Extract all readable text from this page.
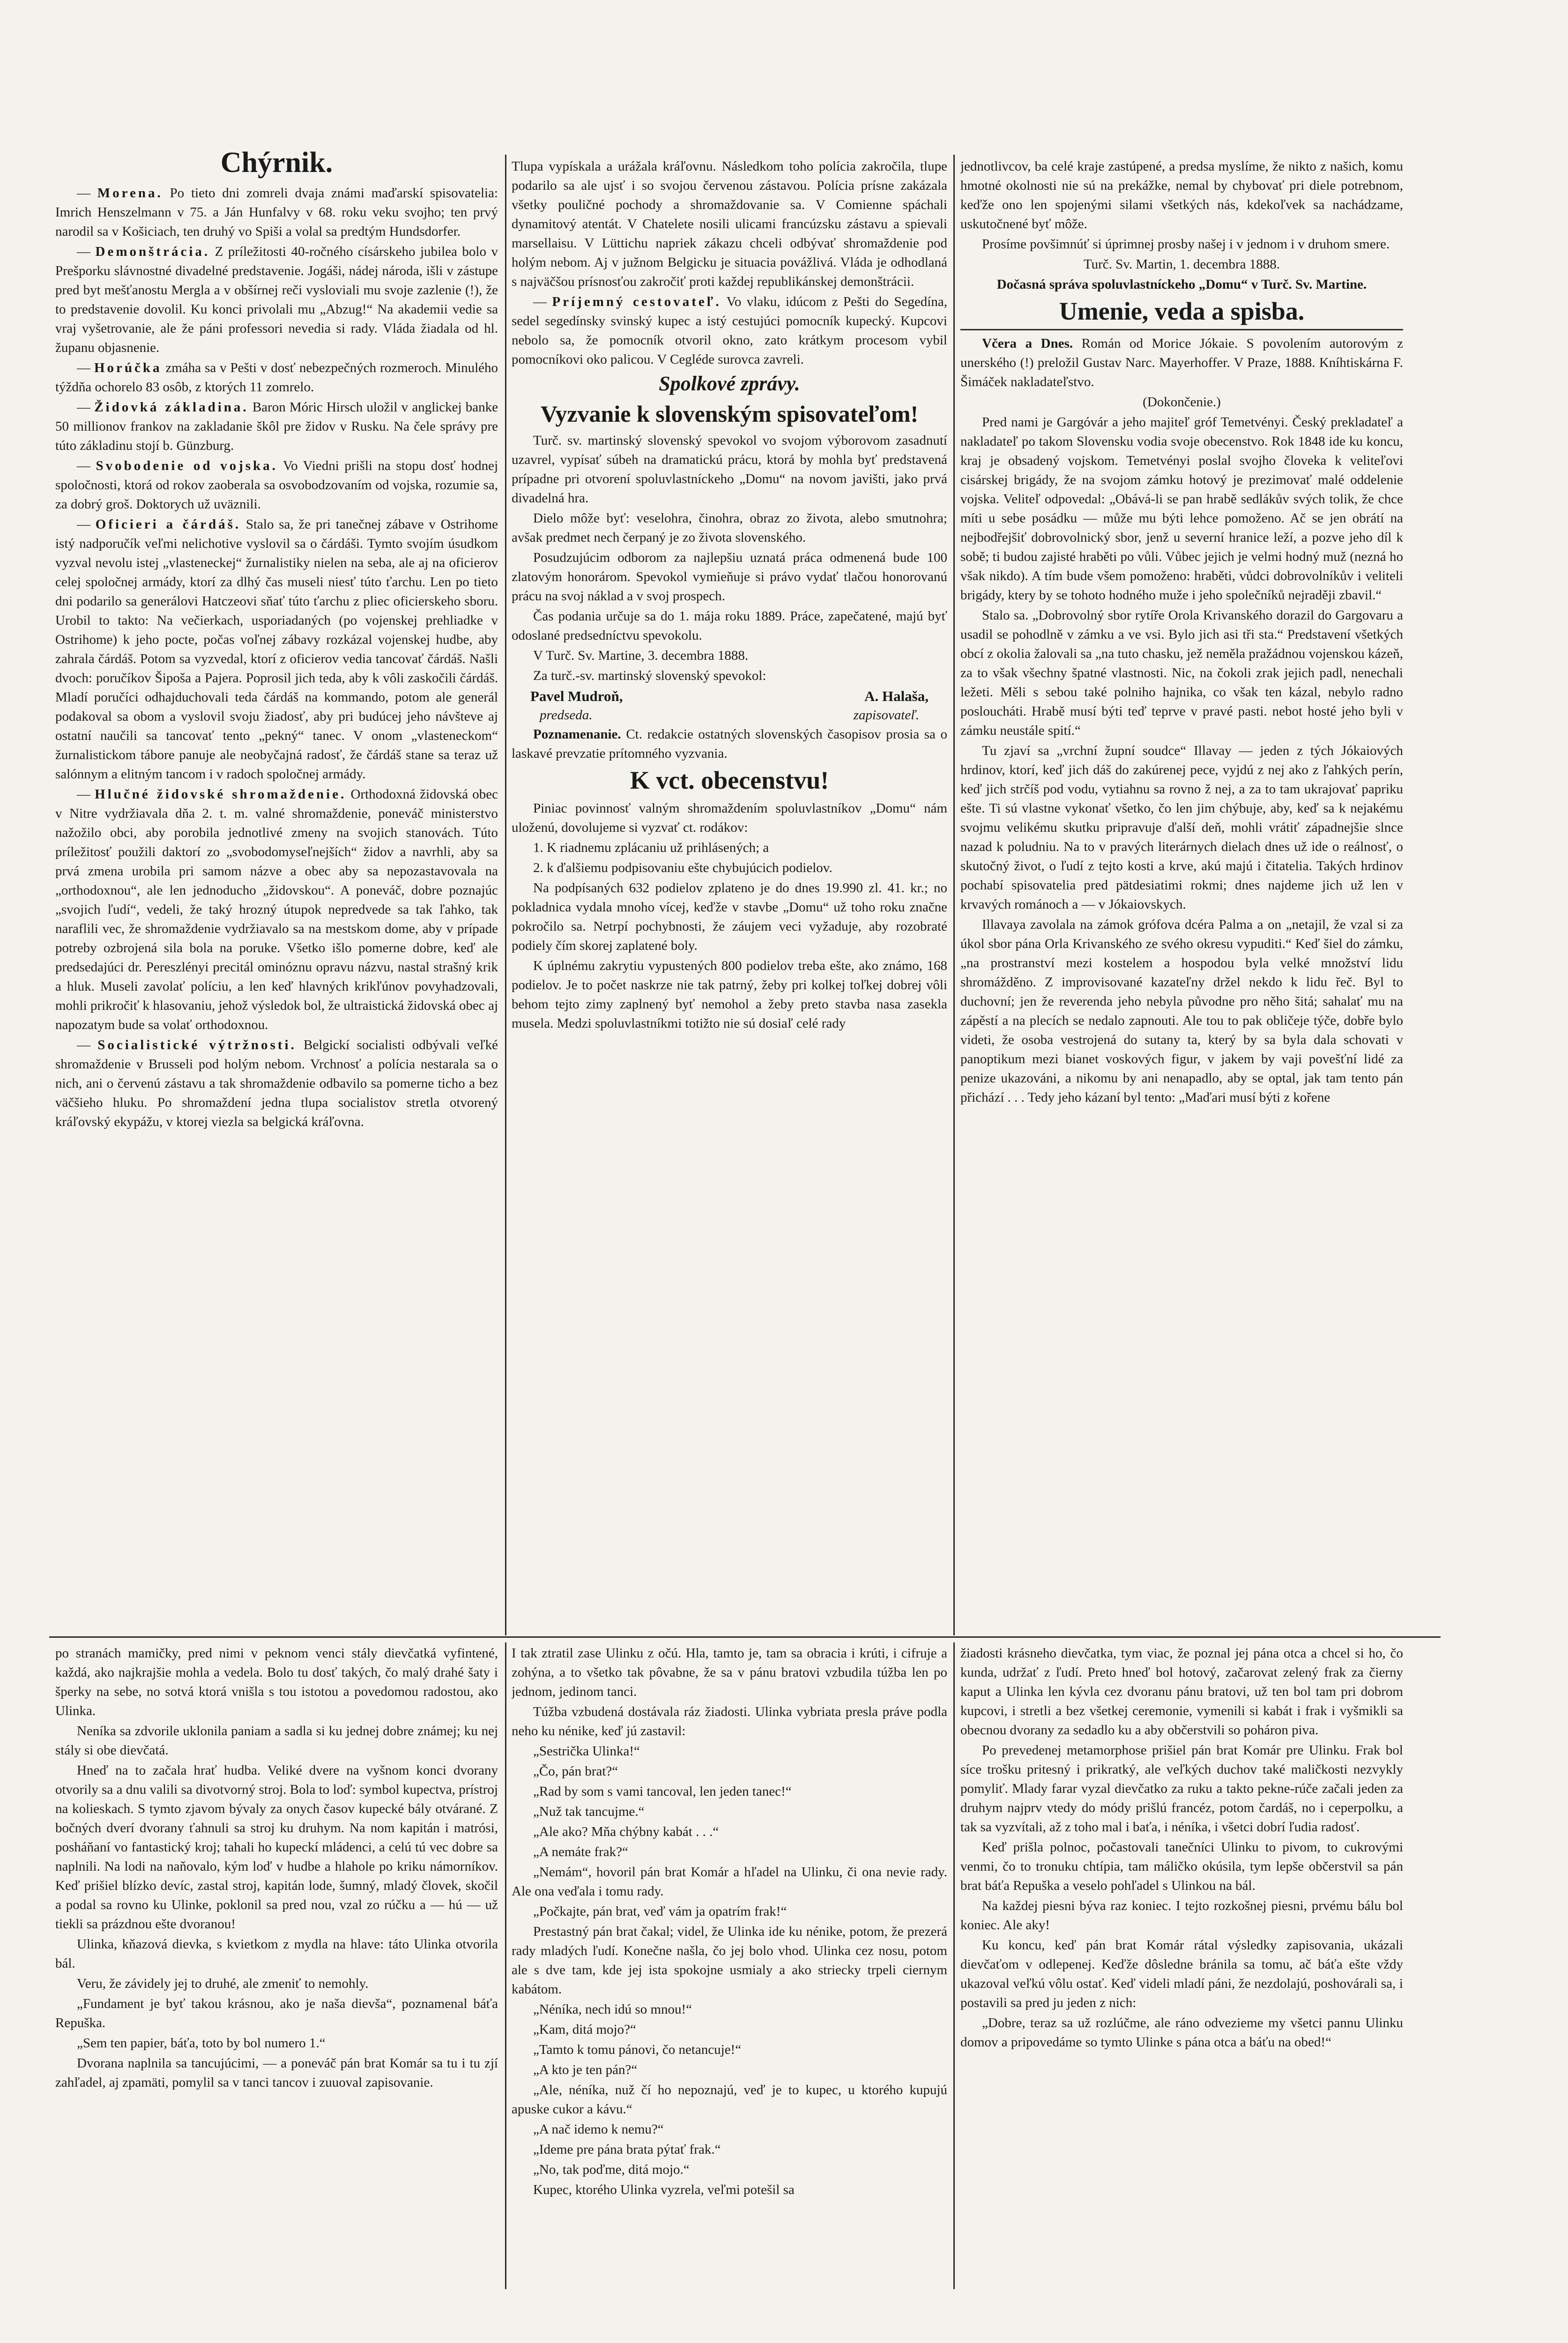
Chýrnik.

— Morena. Po tieto dni zomreli dvaja známi maďarskí spisovatelia: Imrich Henszelmann v 75. a Ján Hunfalvy v 68. roku veku svojho; ten prvý narodil sa v Košiciach, ten druhý vo Spiši a volal sa predtým Hundsdorfer.

— Demonštrácia. Z príležitosti 40-ročného císárskeho jubilea bolo v Prešporku slávnostné divadelné predstavenie. Jogáši, nádej národa, išli v zástupe pred byt mešťanostu Mergla a v obšírnej reči vysloviali mu svoje zazlenie (!), že to predstavenie dovolil. Ku konci privolali mu „Abzug!“ Na akademii vedie sa vraj vyšetrovanie, ale že páni professori nevedia si rady. Vláda žiadala od hl. županu objasnenie.

— Horúčka zmáha sa v Pešti v dosť nebezpečných rozmeroch. Minulého týždňa ochorelo 83 osôb, z ktorých 11 zomrelo.

— Židovká základina. Baron Móric Hirsch uložil v anglickej banke 50 millionov frankov na zakladanie škôl pre židov v Rusku. Na čele správy pre túto základinu stojí b. Günzburg.

— Svobodenie od vojska. Vo Viedni prišli na stopu dosť hodnej spoločnosti, ktorá od rokov zaoberala sa osvobodzovaním od vojska, rozumie sa, za dobrý groš. Doktorych už uväznili.

— Oficieri a čárdáš. Stalo sa, že pri tanečnej zábave v Ostrihome istý nadporučík veľmi nelichotive vyslovil sa o čárdáši. Tymto svojím úsudkom vyzval nevolu istej „vlasteneckej“ žurnalistiky nielen na seba, ale aj na oficierov celej spoločnej armády, ktorí za dlhý čas museli niesť túto ťarchu. Len po tieto dni podarilo sa generálovi Hatczeovi sňať túto ťarchu z pliec oficierskeho sboru. Urobil to takto: Na večierkach, usporiadaných (po vojenskej prehliadke v Ostrihome) k jeho pocte, počas voľnej zábavy rozkázal vojenskej hudbe, aby zahrala čárdáš. Potom sa vyzvedal, ktorí z oficierov vedia tancovať čárdáš. Našli dvoch: poručíkov Šipoša a Pajera. Poprosil jich teda, aby k vôli zaskočili čárdáš. Mladí poručíci odhajduchovali teda čárdáš na kommando, potom ale generál podakoval sa obom a vyslovil svoju žiadosť, aby pri budúcej jeho návšteve aj ostatní naučili sa tancovať tento „pekný“ tanec. V onom „vlasteneckom“ žurnalistickom tábore panuje ale neobyčajná radosť, že čárdáš stane sa teraz už salónnym a elitným tancom i v radoch spoločnej armády.

— Hlučné židovské shromaždenie. Orthodoxná židovská obec v Nitre vydržiavala dňa 2. t. m. valné shromaždenie, poneváč ministerstvo nažožilo obci, aby porobila jednotlivé zmeny na svojich stanovách. Túto príležitosť použili daktorí zo „svobodomyseľnejších“ židov a navrhli, aby sa prvá zmena urobila pri samom názve a obec aby sa nepozastavovala na „orthodoxnou“, ale len jednoducho „židovskou“. A poneváč, dobre poznajúc „svojich ľudí“, vedeli, že taký hrozný útupok nepredvede sa tak ľahko, tak naraflili vec, že shromaždenie vydržiavalo sa na mestskom dome, aby v prípade potreby ozbrojená sila bola na poruke. Všetko išlo pomerne dobre, keď ale predsedajúci dr. Pereszlényi precitál ominóznu opravu názvu, nastal strašný krik a hluk. Museli zavolať políciu, a len keď hlavných krikľúnov povyhadzovali, mohli prikročiť k hlasovaniu, jehož výsledok bol, že ultraistická židovská obec aj napozatym bude sa volať orthodoxnou.

— Socialistické výtržnosti. Belgickí socialisti odbývali veľké shromaždenie v Brusseli pod holým nebom. Vrchnosť a polícia nestarala sa o nich, ani o červenú zástavu a tak shromaždenie odbavilo sa pomerne ticho a bez väčšieho hluku. Po shromaždení jedna tlupa socialistov stretla otvorený kráľovský ekypážu, v ktorej viezla sa belgická kráľovna.

Tlupa vypískala a urážala kráľovnu. Následkom toho polícia zakročila, tlupe podarilo sa ale ujsť i so svojou červenou zástavou. Polícia prísne zakázala všetky pouličné pochody a shromaždovanie sa. V Comienne spáchali dynamitový atentát. V Chatelete nosili ulicami francúzsku zástavu a spievali marsellaisu. V Lüttichu napriek zákazu chceli odbývať shromaždenie pod holým nebom. Aj v južnom Belgicku je situacia povážlivá. Vláda je odhodlaná s najväčšou prísnosťou zakročiť proti každej republikánskej demonštrácii.

— Príjemný cestovateľ. Vo vlaku, idúcom z Pešti do Segedína, sedel segedínsky svinský kupec a istý cestujúci pomocník kupecký. Kupcovi nebolo sa, že pomocník otvoril okno, zato krátkym procesom vybil pomocníkovi oko palicou. V Cegléde surovca zavreli.

Spolkové zprávy.

Vyzvanie k slovenským spisovateľom!

Turč. sv. martinský slovenský spevokol vo svojom výborovom zasadnutí uzavrel, vypísať súbeh na dramatickú prácu, ktorá by mohla byť predstavená prípadne pri otvorení spoluvlastníckeho „Domu“ na novom javišti, jako prvá divadelná hra.

Dielo môže byť: veselohra, činohra, obraz zo života, alebo smutnohra; avšak predmet nech čerpaný je zo života slovenského.

Posudzujúcim odborom za najlepšiu uznatá práca odmenená bude 100 zlatovým honorárom. Spevokol vymieňuje si právo vydať tlačou honorovanú prácu na svoj náklad a v svoj prospech.

Čas podania určuje sa do 1. mája roku 1889. Práce, zapečatené, majú byť odoslané predsedníctvu spevokolu.

V Turč. Sv. Martine, 3. decembra 1888.

Za turč.-sv. martinský slovenský spevokol:

Pavel Mudroň,	A. Halaša,
predseda.	zapisovateľ.

Poznamenanie. Ct. redakcie ostatných slovenských časopisov prosia sa o laskavé prevzatie prítomného vyzvania.

K vct. obecenstvu!

Piniac povinnosť valným shromaždením spoluvlastníkov „Domu“ nám uloženú, dovolujeme si vyzvať ct. rodákov:

1. K riadnemu zplácaniu už prihlásených; a

2. k ďalšiemu podpisovaniu ešte chybujúcich podielov.

Na podpísaných 632 podielov zplateno je do dnes 19.990 zl. 41. kr.; no pokladnica vydala mnoho vícej, keďže v stavbe „Domu“ už toho roku značne pokročilo sa. Netrpí pochybnosti, že záujem veci vyžaduje, aby rozobraté podiely čím skorej zaplatené boly.

K úplnému zakrytiu vypustených 800 podielov treba ešte, ako známo, 168 podielov. Je to počet naskrze nie tak patrný, žeby pri kolkej toľkej dobrej vôli behom tejto zimy zaplnený byť nemohol a žeby preto stavba nasa zasekla musela. Medzi spoluvlastníkmi totižto nie sú dosiaľ celé rady

jednotlivcov, ba celé kraje zastúpené, a predsa myslíme, že nikto z našich, komu hmotné okolnosti nie sú na prekážke, nemal by chybovať pri diele potrebnom, keďže ono len spojenými silami všetkých nás, kdekoľvek sa nachádzame, uskutočnené byť môže.

Prosíme povšimnúť si úprimnej prosby našej i v jednom i v druhom smere.

Turč. Sv. Martin, 1. decembra 1888.

Dočasná správa spoluvlastníckeho „Domu“ v Turč. Sv. Martine.

Umenie, veda a spisba.

Včera a Dnes. Román od Morice Jókaie. S povolením autorovým z unerského (!) preložil Gustav Narc. Mayerhoffer. V Praze, 1888. Kníhtiskárna F. Šimáček nakladateľstvo.

(Dokončenie.)

Pred nami je Gargóvár a jeho majiteľ gróf Temetvényi. Český prekladateľ a nakladateľ po takom Slovensku vodia svoje obecenstvo. Rok 1848 ide ku koncu, kraj je obsadený vojskom. Temetvényi poslal svojho človeka k veliteľovi cisárskej brigády, že na svojom zámku hotový je prezimovať malé oddelenie vojska. Veliteľ odpovedal: „Obává-li se pan hrabě sedlákův svých tolik, že chce míti u sebe posádku — může mu býti lehce pomoženo. Ač se jen obrátí na nejbodřejšiť dobrovolnický sbor, jenž u severní hranice leží, a pozve jeho díl k sobě; ti budou zajisté hraběti po vůli. Vůbec jejich je velmi hodný muž (nezná ho však nikdo). A tím bude všem pomoženo: hraběti, vůdci dobrovolníkův i veliteli brigády, ktery by se tohoto hodného muže i jeho společníků nejraději zbavil.“

Stalo sa. „Dobrovolný sbor rytíře Orola Krivanského dorazil do Gargovaru a usadil se pohodlně v zámku a ve vsi. Bylo jich asi tři sta.“ Predstavení všetkých obcí z okolia žalovali sa „na tuto chasku, jež neměla pražádnou vojenskou kázeň, za to však všechny špatné vlastnosti. Nic, na čokoli zrak jejich padl, nenechali ležeti. Měli s sebou také polniho hajnika, co však ten kázal, nebylo radno posloucháti. Hrabě musí býti teď teprve v pravé pasti. nebot hosté jeho byli v zámku neustále spití.“

Tu zjaví sa „vrchní župní soudce“ Illavay — jeden z tých Jókaiových hrdinov, ktorí, keď jich dáš do zakúrenej pece, vyjdú z nej ako z ľahkých perín, keď jich strčíš pod vodu, vytiahnu sa rovno ž nej, a za to tam ukrajovať papriku ešte. Ti sú vlastne vykonať všetko, čo len jim chýbuje, aby, keď sa k nejakému svojmu velikému skutku pripravuje ďalší deň, mohli vrátiť západnejšie slnce nazad k poludniu. Na to v pravých literárnych dielach dnes už ide o reálnosť, o skutočný život, o ľudí z tejto kosti a krve, akú majú i čitatelia. Takých hrdinov pochabí spisovatelia pred pätdesiatimi rokmi; dnes najdeme jich už len v krvavých románoch a — v Jókaiovskych.

Illavaya zavolala na zámok grófova dcéra Palma a on „netajil, že vzal si za úkol sbor pána Orla Krivanského ze svého okresu vypuditi.“ Keď šiel do zámku, „na prostranství mezi kostelem a hospodou byla velké množství lidu shromážděno. Z improvisované kazateľny držel nekdo k lidu řeč. Byl to duchovní; jen že reverenda jeho nebyla původne pro něho šitá; sahalať mu na zápěstí a na plecích se nedalo zapnouti. Ale tou to pak obličeje týče, dobře bylo videti, že osoba vestrojená do sutany ta, který by sa byla dala schovati v panoptikum mezi bianet voskových figur, v jakem by vaji povešťní lidé za penize ukazováni, a nikomu by ani nenapadlo, aby se optal, jak tam tento pán přichází . . . Tedy jeho kázaní byl tento: „Maďari musí býti z kořene

po stranách mamičky, pred nimi v peknom venci stály dievčatká vyfintené, každá, ako najkrajšie mohla a vedela. Bolo tu dosť takých, čo malý drahé šaty i šperky na sebe, no sotvá ktorá vnišla s tou istotou a povedomou radostou, ako Ulinka.

Neníka sa zdvorile uklonila paniam a sadla si ku jednej dobre známej; ku nej stály si obe dievčatá.

Hneď na to začala hrať hudba. Veliké dvere na vyšnom konci dvorany otvorily sa a dnu valili sa divotvorný stroj. Bola to loď: symbol kupectva, prístroj na kolieskach. S tymto zjavom bývaly za onych časov kupecké bály otvárané. Z bočných dverí dvorany ťahnuli sa stroj ku druhym. Na nom kapitán i matrósi, posháňaní vo fantastický kroj; tahali ho kupeckí mládenci, a celú tú vec dobre sa naplnili. Na lodi na naňovalo, kým loď v hudbe a hlahole po kriku námorníkov. Keď prišiel blízko devíc, zastal stroj, kapitán lode, šumný, mladý človek, skočil a podal sa rovno ku Ulinke, poklonil sa pred nou, vzal zo rúčku a — hú — už tiekli sa prázdnou ešte dvoranou!

Ulinka, kňazová dievka, s kvietkom z mydla na hlave: táto Ulinka otvorila bál.

Veru, že závidely jej to druhé, ale zmeniť to nemohly.

„Fundament je byť takou krásnou, ako je naša dievša“, poznamenal báťa Repuška.

„Sem ten papier, báťa, toto by bol numero 1.“

Dvorana naplnila sa tancujúcimi, — a poneváč pán brat Komár sa tu i tu zjí zahľadel, aj zpamäti, pomylil sa v tanci tancov i zuuoval zapisovanie.

I tak ztratil zase Ulinku z očú. Hla, tamto je, tam sa obracia i krúti, i cifruje a zohýna, a to všetko tak pôvabne, že sa v pánu bratovi vzbudila túžba len po jednom, jedinom tanci.

Túžba vzbudená dostávala ráz žiadosti. Ulinka vybriata presla práve podla neho ku nénike, keď jú zastavil:

„Sestrička Ulinka!“

„Čo, pán brat?“

„Rad by som s vami tancoval, len jeden tanec!“

„Nuž tak tancujme.“

„Ale ako? Mňa chýbny kabát . . .“

„A nemáte frak?“

„Nemám“, hovoril pán brat Komár a hľadel na Ulinku, či ona nevie rady. Ale ona veďala i tomu rady.

„Počkajte, pán brat, veď vám ja opatrím frak!“

Prestastný pán brat čakal; videl, že Ulinka ide ku nénike, potom, že prezerá rady mladých ľudí. Konečne našla, čo jej bolo vhod. Ulinka cez nosu, potom ale s dve tam, kde jej ista spokojne usmialy a ako striecky trpeli ciernym kabátom.

„Néníka, nech idú so mnou!“

„Kam, ditá mojo?“

„Tamto k tomu pánovi, čo netancuje!“

„A kto je ten pán?“

„Ale, néníka, nuž čí ho nepoznajú, veď je to kupec, u ktorého kupujú apuske cukor a kávu.“

„A nač idemo k nemu?“

„Ideme pre pána brata pýtať frak.“

„No, tak poďme, ditá mojo.“

Kupec, ktorého Ulinka vyzrela, veľmi potešil sa

žiadosti krásneho dievčatka, tym viac, že poznal jej pána otca a chcel si ho, čo kunda, udržať z ľudí. Preto hneď bol hotový, začarovat zelený frak za čierny kaput a Ulinka len kývla cez dvoranu pánu bratovi, už ten bol tam pri dobrom kupcovi, i stretli a bez všetkej ceremonie, vymenili si kabát i frak i vyšmikli sa obecnou dvorany za sedadlo ku a aby občerstvili so poháron piva.

Po prevedenej metamorphose prišiel pán brat Komár pre Ulinku. Frak bol síce trošku pritesný i prikratký, ale veľkých duchov také maličkosti nezvykly pomyliť. Mlady farar vyzal dievčatko za ruku a takto pekne-rúče začali jeden za druhym najprv vtedy do módy prišlú francéz, potom čardáš, no i ceperpolku, a tak sa vyzvítali, až z toho mal i baťa, i néníka, i všetci dobrí ľudia radosť.

Keď prišla polnoc, počastovali tanečníci Ulinku to pivom, to cukrovými venmi, čo to tronuku chtípia, tam máličko okúsila, tym lepše občerstvil sa pán brat báťa Repuška a veselo pohľadel s Ulinkou na bál.

Na každej piesni býva raz koniec. I tejto rozkošnej piesni, prvému bálu bol koniec. Ale aky!

Ku koncu, keď pán brat Komár rátal výsledky zapisovania, ukázali dievčaťom v odlepenej. Keďže dôsledne bránila sa tomu, ač báťa ešte vždy ukazoval veľkú vôlu ostať. Keď videli mladí páni, že nezdolajú, poshovárali sa, i postavili sa pred ju jeden z nich:

„Dobre, teraz sa už rozlúčme, ale ráno odvezieme my všetci pannu Ulinku domov a pripovedáme so tymto Ulinke s pána otca a báťu na obed!“
